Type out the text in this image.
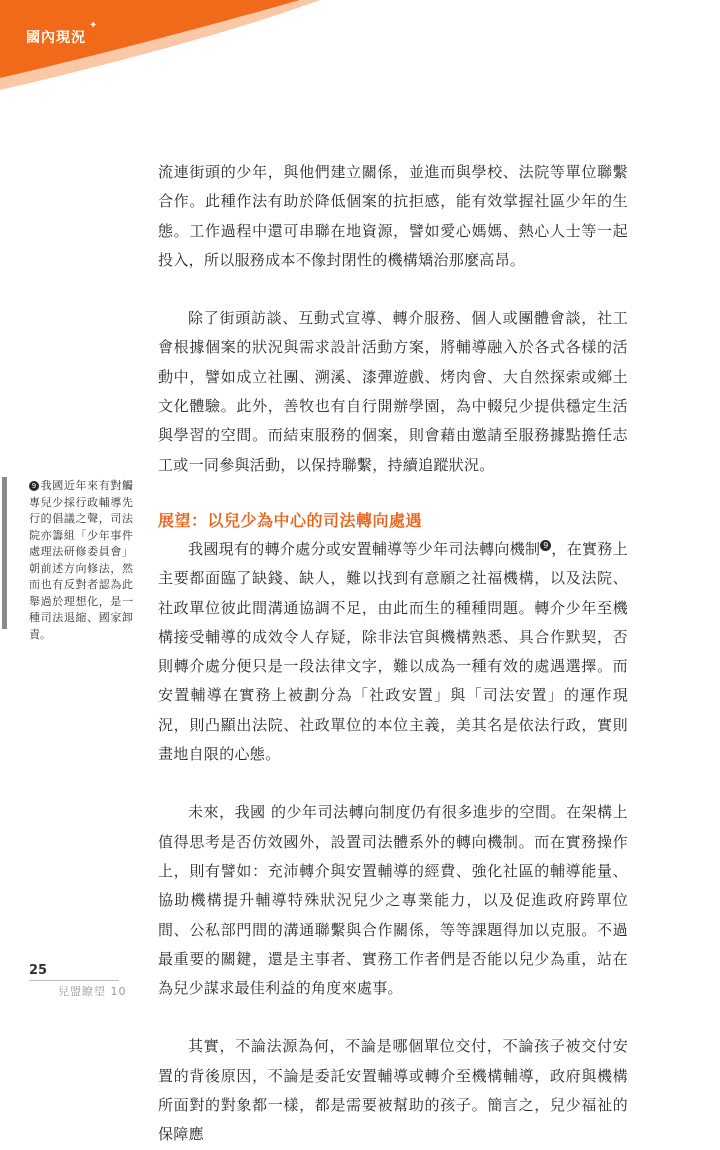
國內現況
✦

流連街頭的少年，與他們建立關係，並進而與學校、法院等單位聯繫合作。此種作法有助於降低個案的抗拒感，能有效掌握社區少年的生態。工作過程中還可串聯在地資源，譬如愛心媽媽、熱心人士等一起投入，所以服務成本不像封閉性的機構矯治那麼高昂。

除了街頭訪談、互動式宣導、轉介服務、個人或團體會談，社工會根據個案的狀況與需求設計活動方案，將輔導融入於各式各樣的活動中，譬如成立社團、溯溪、漆彈遊戲、烤肉會、大自然探索或鄉土文化體驗。此外，善牧也有自行開辦學園，為中輟兒少提供穩定生活與學習的空間。而結束服務的個案，則會藉由邀請至服務據點擔任志工或一同參與活動，以保持聯繫，持續追蹤狀況。

展望：以兒少為中心的司法轉向處遇

我國現有的轉介處分或安置輔導等少年司法轉向機制 9 ，在實務上主要都面臨了缺錢、缺人，難以找到有意願之社福機構，以及法院、社政單位彼此間溝通協調不足，由此而生的種種問題。轉介少年至機構接受輔導的成效令人存疑，除非法官與機構熟悉、具合作默契，否則轉介處分便只是一段法律文字，難以成為一種有效的處遇選擇。而安置輔導在實務上被劃分為「社政安置」與「司法安置」的運作現況，則凸顯出法院、社政單位的本位主義，美其名是依法行政，實則畫地自限的心態。

未來，我國 的少年司法轉向制度仍有很多進步的空間。在架構上值得思考是否仿效國外，設置司法體系外的轉向機制。而在實務操作上，則有譬如：充沛轉介與安置輔導的經費、強化社區的輔導能量、協助機構提升輔導特殊狀況兒少之專業能力，以及促進政府跨單位間、公私部門間的溝通聯繫與合作關係，等等課題得加以克服。不過最重要的關鍵，還是主事者、實務工作者們是否能以兒少為重，站在為兒少謀求最佳利益的角度來處事。

其實，不論法源為何，不論是哪個單位交付，不論孩子被交付安置的背後原因，不論是委託安置輔導或轉介至機構輔導，政府與機構所面對的對象都一樣，都是需要被幫助的孩子。簡言之，兒少福祉的保障應

9 我國近年來有對觸專兒少採行政輔導先行的倡議之聲，司法院亦籌組「少年事件處理法研修委員會」朝前述方向修法，然而也有反對者認為此舉過於理想化，是一種司法退縮、國家卸責。
25
兒盟瞭望 10
